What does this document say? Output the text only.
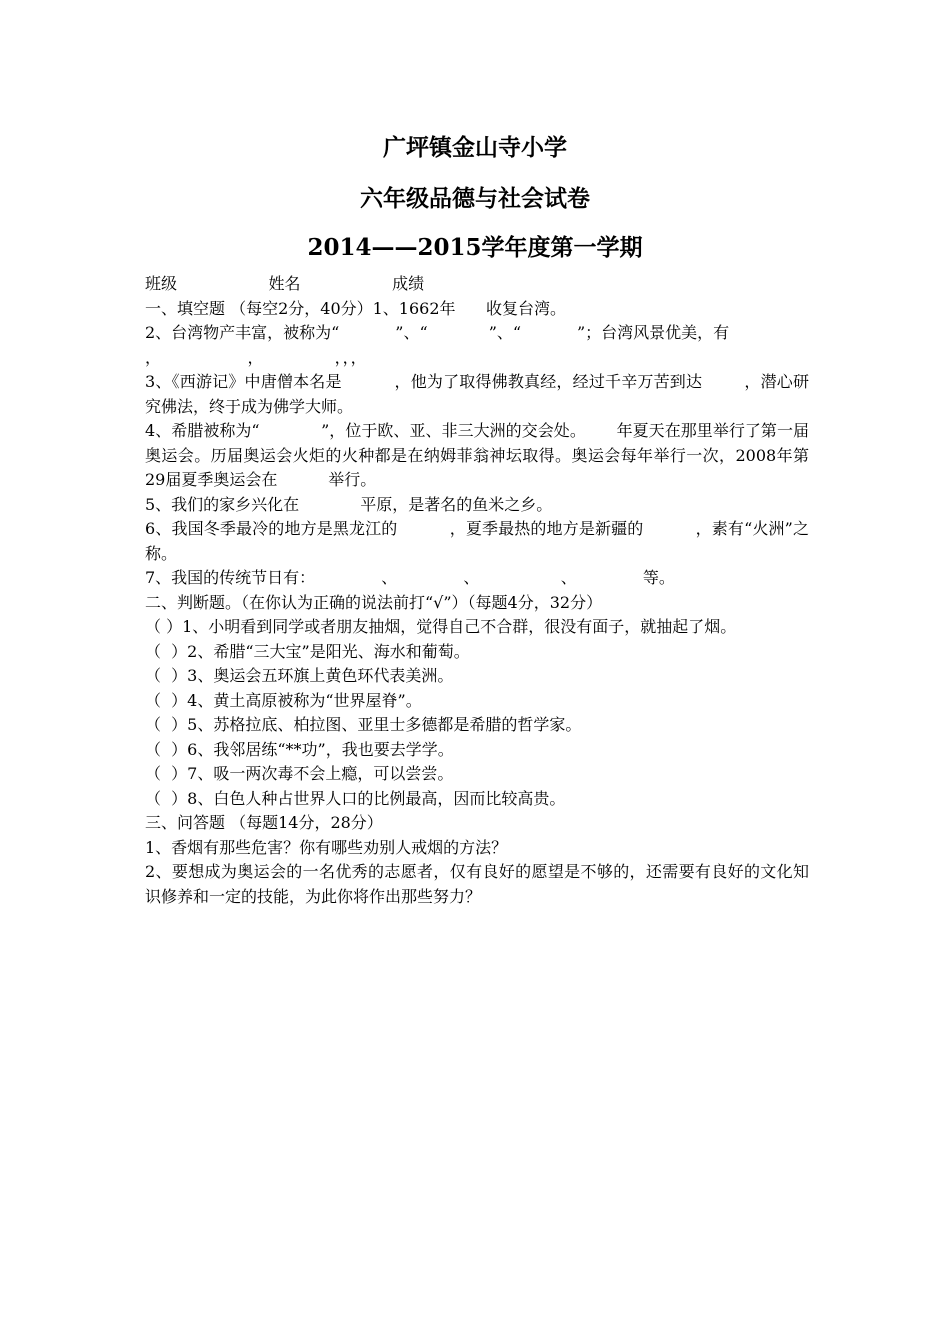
广坪镇金山寺小学
六年级品德与社会试卷
2014——2015学年度第一学期
班级                  姓名                  成绩
一、填空题 （每空2分，40分）1、1662年      收复台湾。
2、台湾物产丰富，被称为“           ”、“            ”、“           ”；台湾风景优美，有
，                 ，              ，，，
3、《西游记》中唐僧本名是          ，他为了取得佛教真经，经过千辛万苦到达        ，潜心研究佛法，终于成为佛学大师。
4、希腊被称为“            ”，位于欧、亚、非三大洲的交会处。      年夏天在那里举行了第一届奥运会。历届奥运会火炬的火种都是在纳姆菲翁神坛取得。奥运会每年举行一次，2008年第29届夏季奥运会在          举行。
5、我们的家乡兴化在            平原，是著名的鱼米之乡。
6、我国冬季最冷的地方是黑龙江的          ，夏季最热的地方是新疆的          ，素有“火洲”之称。
7、我国的传统节日有：             、             、                、             等。
二、判断题。（在你认为正确的说法前打“√”）（每题4分，32分）
（ ）1、小明看到同学或者朋友抽烟，觉得自己不合群，很没有面子，就抽起了烟。
（  ）2、希腊“三大宝”是阳光、海水和葡萄。
（  ）3、奥运会五环旗上黄色环代表美洲。
（  ）4、黄土高原被称为“世界屋脊”。
（  ）5、苏格拉底、柏拉图、亚里士多德都是希腊的哲学家。
（  ）6、我邻居练“**功”，我也要去学学。
（  ）7、吸一两次毒不会上瘾，可以尝尝。
（  ）8、白色人种占世界人口的比例最高，因而比较高贵。
三、问答题 （每题14分，28分）
1、香烟有那些危害？你有哪些劝别人戒烟的方法？
2、要想成为奥运会的一名优秀的志愿者，仅有良好的愿望是不够的，还需要有良好的文化知识修养和一定的技能，为此你将作出那些努力？
